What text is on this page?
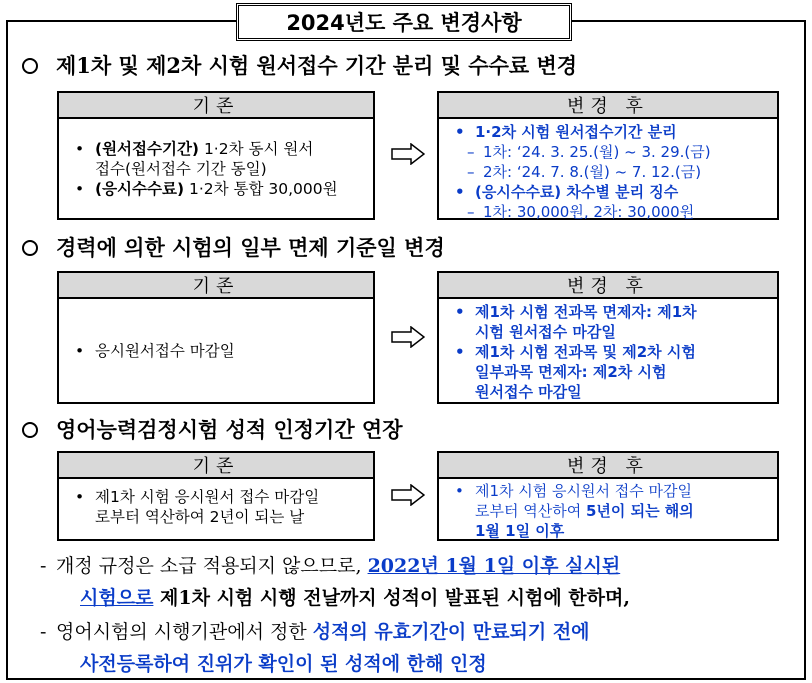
2024년도 주요 변경사항
제1차 및 제2차 시험 원서접수 기간 분리 및 수수료 변경
기존
• (원서접수기간) 1·2차 동시 원서
접수(원서접수 기간 동일)
• (응시수수료) 1·2차 통합 30,000원
변경 후
• 1·2차 시험 원서접수기간 분리
– 1차: ‘24. 3. 25.(월) ~ 3. 29.(금)
– 2차: ‘24. 7. 8.(월) ~ 7. 12.(금)
• (응시수수료) 차수별 분리 징수
– 1차: 30,000원, 2차: 30,000원
경력에 의한 시험의 일부 면제 기준일 변경
기존
• 응시원서접수 마감일
변경 후
• 제1차 시험 전과목 면제자: 제1차
시험 원서접수 마감일
• 제1차 시험 전과목 및 제2차 시험
일부과목 면제자: 제2차 시험
원서접수 마감일
영어능력검정시험 성적 인정기간 연장
기존
• 제1차 시험 응시원서 접수 마감일
로부터 역산하여 2년이 되는 날
변경 후
• 제1차 시험 응시원서 접수 마감일
로부터 역산하여 5년이 되는 해의
1월 1일 이후
- 개정 규정은 소급 적용되지 않으므로, 2022년 1월 1일 이후 실시된
시험으로 제1차 시험 시행 전날까지 성적이 발표된 시험에 한하며,
- 영어시험의 시행기관에서 정한 성적의 유효기간이 만료되기 전에
사전등록하여 진위가 확인이 된 성적에 한해 인정
